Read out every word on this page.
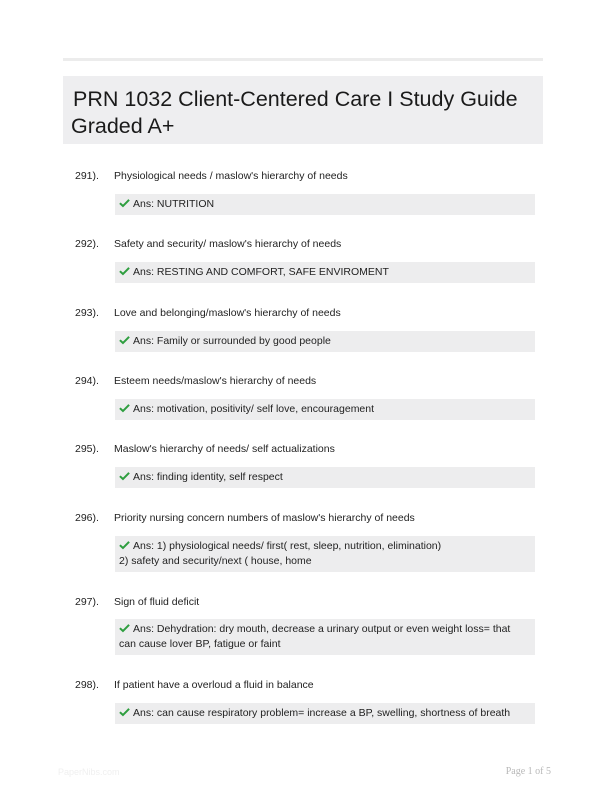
PRN 1032 Client-Centered Care I Study Guide
Graded A+
291). Physiological needs / maslow's hierarchy of needs
Ans: NUTRITION
292). Safety and security/ maslow's hierarchy of needs
Ans: RESTING AND COMFORT, SAFE ENVIROMENT
293). Love and belonging/maslow's hierarchy of needs
Ans: Family or surrounded by good people
294). Esteem needs/maslow's hierarchy of needs
Ans: motivation, positivity/ self love, encouragement
295). Maslow's hierarchy of needs/ self actualizations
Ans: finding identity, self respect
296). Priority nursing concern numbers of maslow's hierarchy of needs
Ans: 1) physiological needs/ first( rest, sleep, nutrition, elimination)
2) safety and security/next ( house, home
297). Sign of fluid deficit
Ans: Dehydration: dry mouth, decrease a urinary output or even weight loss= that
can cause lover BP, fatigue or faint
298). If patient have a overloud a fluid in balance
Ans: can cause respiratory problem= increase a BP, swelling, shortness of breath
PaperNibs.com	Page 1 of 5
